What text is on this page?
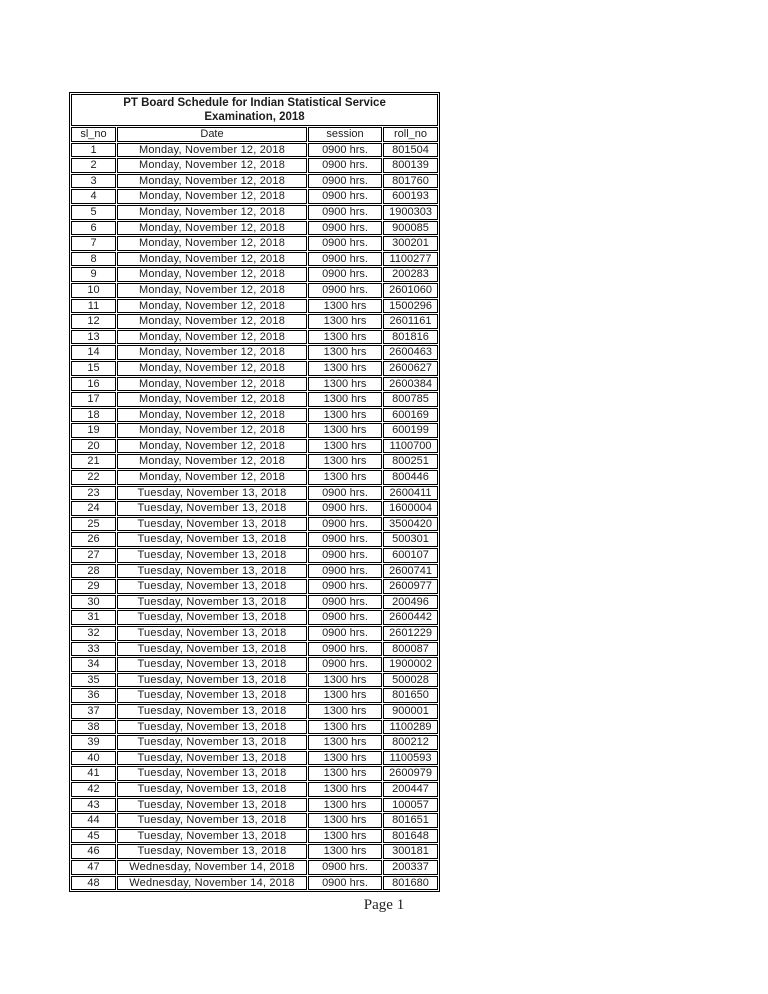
PT Board Schedule for Indian Statistical Service
Examination, 2018			

sl_no	Date	session	roll_no
1	Monday, November 12, 2018	0900 hrs.	801504
2	Monday, November 12, 2018	0900 hrs.	800139
3	Monday, November 12, 2018	0900 hrs.	801760
4	Monday, November 12, 2018	0900 hrs.	600193
5	Monday, November 12, 2018	0900 hrs.	1900303
6	Monday, November 12, 2018	0900 hrs.	900085
7	Monday, November 12, 2018	0900 hrs.	300201
8	Monday, November 12, 2018	0900 hrs.	1100277
9	Monday, November 12, 2018	0900 hrs.	200283
10	Monday, November 12, 2018	0900 hrs.	2601060
11	Monday, November 12, 2018	1300 hrs	1500296
12	Monday, November 12, 2018	1300 hrs	2601161
13	Monday, November 12, 2018	1300 hrs	801816
14	Monday, November 12, 2018	1300 hrs	2600463
15	Monday, November 12, 2018	1300 hrs	2600627
16	Monday, November 12, 2018	1300 hrs	2600384
17	Monday, November 12, 2018	1300 hrs	800785
18	Monday, November 12, 2018	1300 hrs	600169
19	Monday, November 12, 2018	1300 hrs	600199
20	Monday, November 12, 2018	1300 hrs	1100700
21	Monday, November 12, 2018	1300 hrs	800251
22	Monday, November 12, 2018	1300 hrs	800446
23	Tuesday, November 13, 2018	0900 hrs.	2600411
24	Tuesday, November 13, 2018	0900 hrs.	1600004
25	Tuesday, November 13, 2018	0900 hrs.	3500420
26	Tuesday, November 13, 2018	0900 hrs.	500301
27	Tuesday, November 13, 2018	0900 hrs.	600107
28	Tuesday, November 13, 2018	0900 hrs.	2600741
29	Tuesday, November 13, 2018	0900 hrs.	2600977
30	Tuesday, November 13, 2018	0900 hrs.	200496
31	Tuesday, November 13, 2018	0900 hrs.	2600442
32	Tuesday, November 13, 2018	0900 hrs.	2601229
33	Tuesday, November 13, 2018	0900 hrs.	800087
34	Tuesday, November 13, 2018	0900 hrs.	1900002
35	Tuesday, November 13, 2018	1300 hrs	500028
36	Tuesday, November 13, 2018	1300 hrs	801650
37	Tuesday, November 13, 2018	1300 hrs	900001
38	Tuesday, November 13, 2018	1300 hrs	1100289
39	Tuesday, November 13, 2018	1300 hrs	800212
40	Tuesday, November 13, 2018	1300 hrs	1100593
41	Tuesday, November 13, 2018	1300 hrs	2600979
42	Tuesday, November 13, 2018	1300 hrs	200447
43	Tuesday, November 13, 2018	1300 hrs	100057
44	Tuesday, November 13, 2018	1300 hrs	801651
45	Tuesday, November 13, 2018	1300 hrs	801648
46	Tuesday, November 13, 2018	1300 hrs	300181
47	Wednesday, November 14, 2018	0900 hrs.	200337
48	Wednesday, November 14, 2018	0900 hrs.	801680
Page 1
